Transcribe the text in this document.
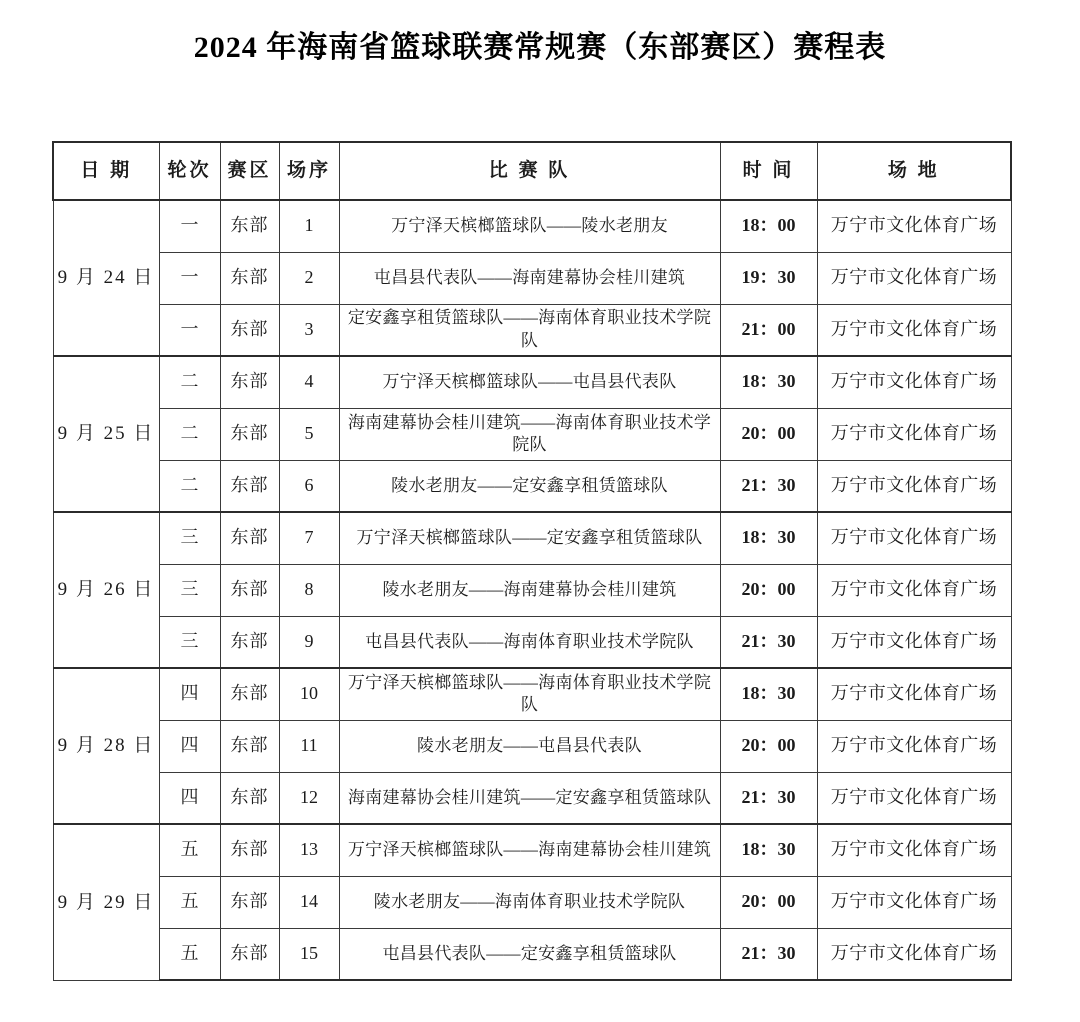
2024 年海南省篮球联赛常规赛（东部赛区）赛程表
日 期	轮次	赛区	场序	比 赛 队	时 间	场 地
9 月 24 日	一	东部	1	万宁泽天槟榔篮球队——陵水老朋友	18：00	万宁市文化体育广场
	一	东部	2	屯昌县代表队——海南建幕协会桂川建筑	19：30	万宁市文化体育广场
	一	东部	3	定安鑫享租赁篮球队——海南体育职业技术学院队	21：00	万宁市文化体育广场
9 月 25 日	二	东部	4	万宁泽天槟榔篮球队——屯昌县代表队	18：30	万宁市文化体育广场
	二	东部	5	海南建幕协会桂川建筑——海南体育职业技术学院队	20：00	万宁市文化体育广场
	二	东部	6	陵水老朋友——定安鑫享租赁篮球队	21：30	万宁市文化体育广场
9 月 26 日	三	东部	7	万宁泽天槟榔篮球队——定安鑫享租赁篮球队	18：30	万宁市文化体育广场
	三	东部	8	陵水老朋友——海南建幕协会桂川建筑	20：00	万宁市文化体育广场
	三	东部	9	屯昌县代表队——海南体育职业技术学院队	21：30	万宁市文化体育广场
9 月 28 日	四	东部	10	万宁泽天槟榔篮球队——海南体育职业技术学院队	18：30	万宁市文化体育广场
	四	东部	11	陵水老朋友——屯昌县代表队	20：00	万宁市文化体育广场
	四	东部	12	海南建幕协会桂川建筑——定安鑫享租赁篮球队	21：30	万宁市文化体育广场
9 月 29 日	五	东部	13	万宁泽天槟榔篮球队——海南建幕协会桂川建筑	18：30	万宁市文化体育广场
	五	东部	14	陵水老朋友——海南体育职业技术学院队	20：00	万宁市文化体育广场
	五	东部	15	屯昌县代表队——定安鑫享租赁篮球队	21：30	万宁市文化体育广场
